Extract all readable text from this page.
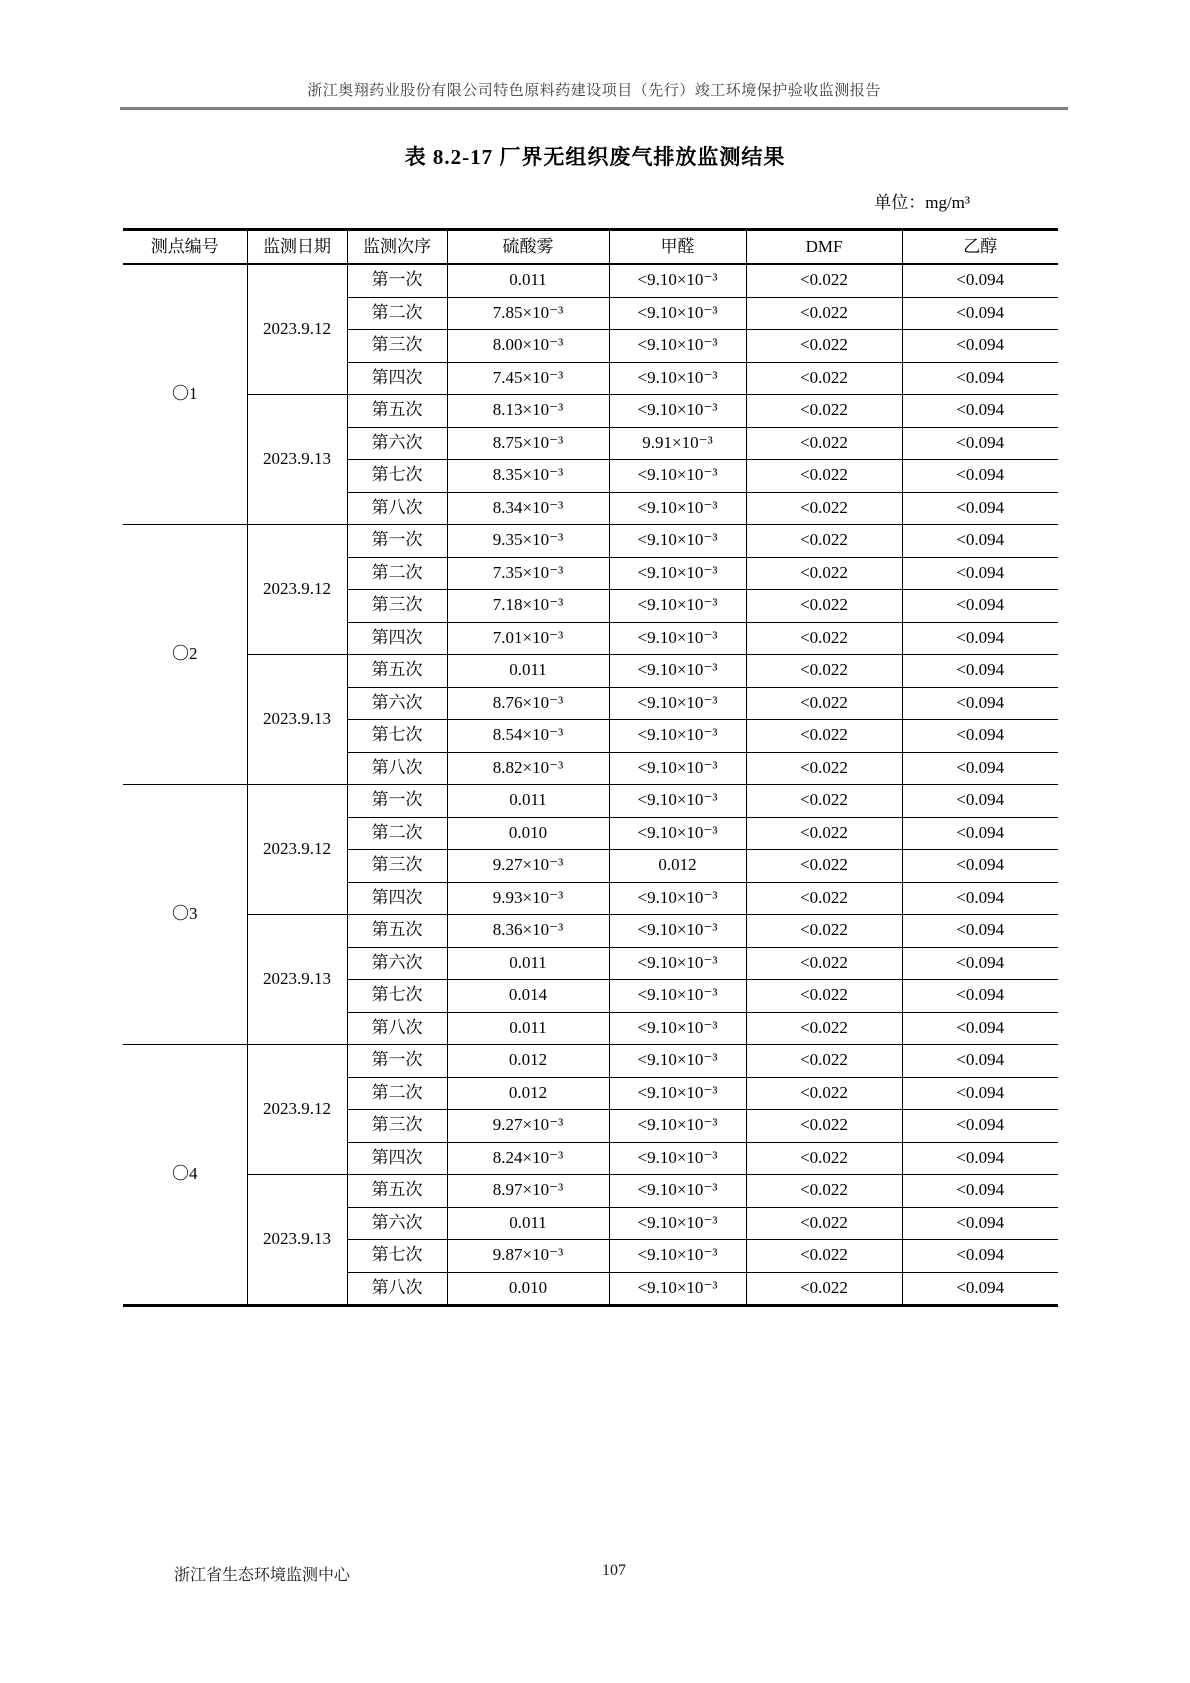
浙江奥翔药业股份有限公司特色原料药建设项目（先行）竣工环境保护验收监测报告
表 8.2-17 厂界无组织废气排放监测结果
单位：mg/m³
测点编号	监测日期	监测次序	硫酸雾	甲醛	DMF	乙醇
〇1	2023.9.12	第一次	0.011	<9.10×10⁻³	<0.022	<0.094
		第二次	7.85×10⁻³	<9.10×10⁻³	<0.022	<0.094
		第三次	8.00×10⁻³	<9.10×10⁻³	<0.022	<0.094
		第四次	7.45×10⁻³	<9.10×10⁻³	<0.022	<0.094
	2023.9.13	第五次	8.13×10⁻³	<9.10×10⁻³	<0.022	<0.094
		第六次	8.75×10⁻³	9.91×10⁻³	<0.022	<0.094
		第七次	8.35×10⁻³	<9.10×10⁻³	<0.022	<0.094
		第八次	8.34×10⁻³	<9.10×10⁻³	<0.022	<0.094
〇2	2023.9.12	第一次	9.35×10⁻³	<9.10×10⁻³	<0.022	<0.094
		第二次	7.35×10⁻³	<9.10×10⁻³	<0.022	<0.094
		第三次	7.18×10⁻³	<9.10×10⁻³	<0.022	<0.094
		第四次	7.01×10⁻³	<9.10×10⁻³	<0.022	<0.094
	2023.9.13	第五次	0.011	<9.10×10⁻³	<0.022	<0.094
		第六次	8.76×10⁻³	<9.10×10⁻³	<0.022	<0.094
		第七次	8.54×10⁻³	<9.10×10⁻³	<0.022	<0.094
		第八次	8.82×10⁻³	<9.10×10⁻³	<0.022	<0.094
〇3	2023.9.12	第一次	0.011	<9.10×10⁻³	<0.022	<0.094
		第二次	0.010	<9.10×10⁻³	<0.022	<0.094
		第三次	9.27×10⁻³	0.012	<0.022	<0.094
		第四次	9.93×10⁻³	<9.10×10⁻³	<0.022	<0.094
	2023.9.13	第五次	8.36×10⁻³	<9.10×10⁻³	<0.022	<0.094
		第六次	0.011	<9.10×10⁻³	<0.022	<0.094
		第七次	0.014	<9.10×10⁻³	<0.022	<0.094
		第八次	0.011	<9.10×10⁻³	<0.022	<0.094
〇4	2023.9.12	第一次	0.012	<9.10×10⁻³	<0.022	<0.094
		第二次	0.012	<9.10×10⁻³	<0.022	<0.094
		第三次	9.27×10⁻³	<9.10×10⁻³	<0.022	<0.094
		第四次	8.24×10⁻³	<9.10×10⁻³	<0.022	<0.094
	2023.9.13	第五次	8.97×10⁻³	<9.10×10⁻³	<0.022	<0.094
		第六次	0.011	<9.10×10⁻³	<0.022	<0.094
		第七次	9.87×10⁻³	<9.10×10⁻³	<0.022	<0.094
		第八次	0.010	<9.10×10⁻³	<0.022	<0.094
浙江省生态环境监测中心	107
